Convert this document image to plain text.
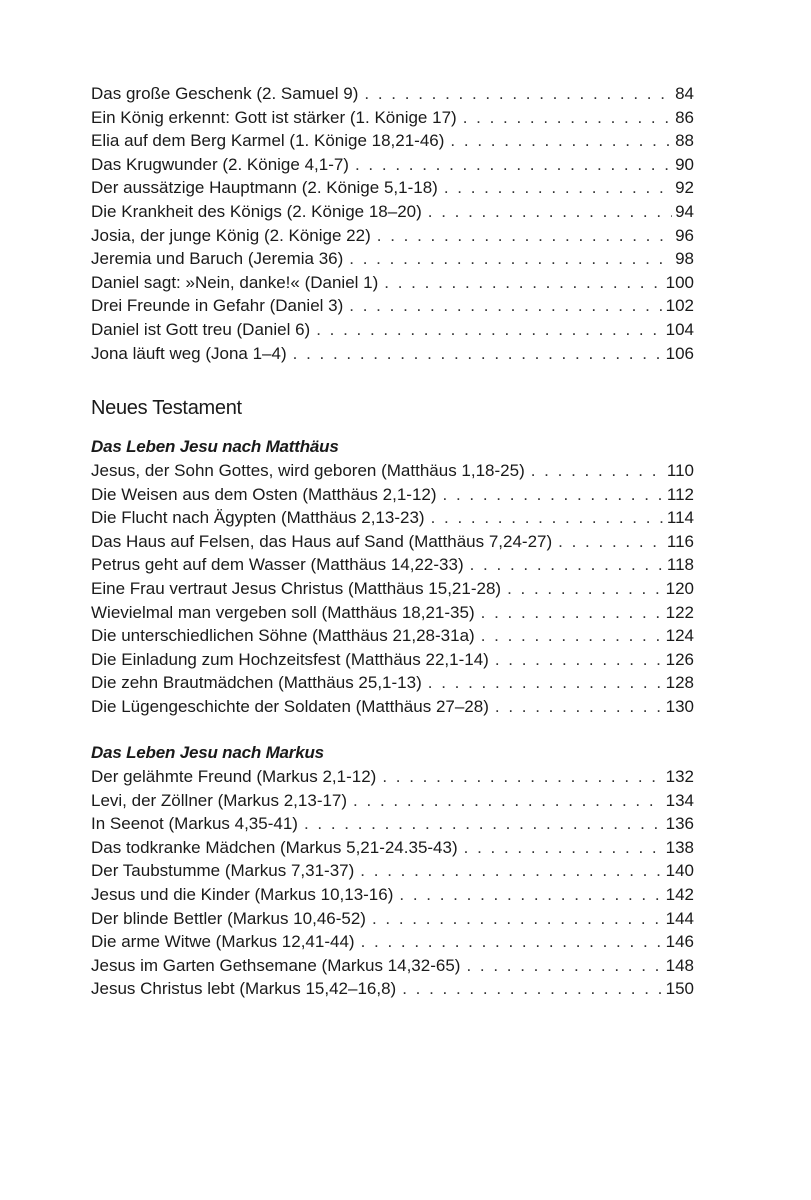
Das große Geschenk (2. Samuel 9) . . .	84
Ein König erkennt: Gott ist stärker (1. Könige 17) . . .	86
Elia auf dem Berg Karmel (1. Könige 18,21-46) . . .	88
Das Krugwunder (2. Könige 4,1-7) . . .	90
Der aussätzige Hauptmann (2. Könige 5,1-18) . . .	92
Die Krankheit des Königs (2. Könige 18–20) . . .	94
Josia, der junge König (2. Könige 22) . . .	96
Jeremia und Baruch (Jeremia 36) . . .	98
Daniel sagt: »Nein, danke!« (Daniel 1) . . .	100
Drei Freunde in Gefahr (Daniel 3) . . .	102
Daniel ist Gott treu (Daniel 6) . . .	104
Jona läuft weg (Jona 1–4) . . .	106
Neues Testament
Das Leben Jesu nach Matthäus
Jesus, der Sohn Gottes, wird geboren (Matthäus 1,18-25) . . .	110
Die Weisen aus dem Osten (Matthäus 2,1-12) . . .	112
Die Flucht nach Ägypten (Matthäus 2,13-23) . . .	114
Das Haus auf Felsen, das Haus auf Sand (Matthäus 7,24-27) . . .	116
Petrus geht auf dem Wasser (Matthäus 14,22-33) . . .	118
Eine Frau vertraut Jesus Christus (Matthäus 15,21-28) . . .	120
Wievielmal man vergeben soll (Matthäus 18,21-35) . . .	122
Die unterschiedlichen Söhne (Matthäus 21,28-31a) . . .	124
Die Einladung zum Hochzeitsfest (Matthäus 22,1-14) . . .	126
Die zehn Brautmädchen (Matthäus 25,1-13) . . .	128
Die Lügengeschichte der Soldaten (Matthäus 27–28) . . .	130
Das Leben Jesu nach Markus
Der gelähmte Freund (Markus 2,1-12) . . .	132
Levi, der Zöllner (Markus 2,13-17) . . .	134
In Seenot (Markus 4,35-41) . . .	136
Das todkranke Mädchen (Markus 5,21-24.35-43) . . .	138
Der Taubstumme (Markus 7,31-37) . . .	140
Jesus und die Kinder (Markus 10,13-16) . . .	142
Der blinde Bettler (Markus 10,46-52) . . .	144
Die arme Witwe (Markus 12,41-44) . . .	146
Jesus im Garten Gethsemane (Markus 14,32-65) . . .	148
Jesus Christus lebt (Markus 15,42–16,8) . . .	150
